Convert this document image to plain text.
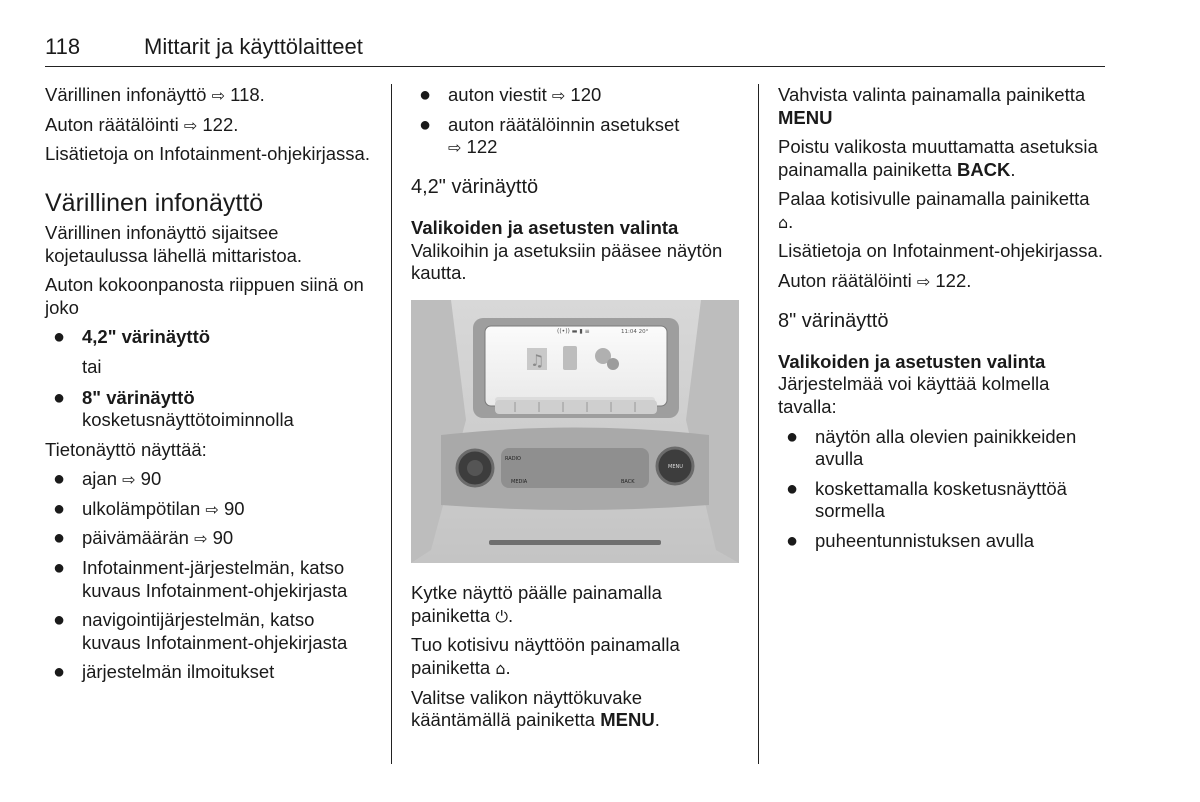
118	Mittarit ja käyttölaitteet

Värillinen infonäyttö ⇨ 118.

Auton räätälöinti ⇨ 122.

Lisätietoja on Infotainment-ohjekirjassa.

Värillinen infonäyttö

Värillinen infonäyttö sijaitsee kojetaulussa lähellä mittaristoa.

Auton kokoonpanosta riippuen siinä on joko

● 4,2" värinäyttö
tai
● 8" värinäyttö kosketusnäyttötoiminnolla

Tietonäyttö näyttää:

● ajan ⇨ 90
● ulkolämpötilan ⇨ 90
● päivämäärän ⇨ 90
● Infotainment-järjestelmän, katso kuvaus Infotainment-ohjekirjasta
● navigointijärjestelmän, katso kuvaus Infotainment-ohjekirjasta
● järjestelmän ilmoitukset
● auton viestit ⇨ 120
● auton räätälöinnin asetukset
⇨ 122
4,2" värinäyttö
Valikoiden ja asetusten valinta

Valikoihin ja asetuksiin pääsee näytön kautta.

((•)) ▬ ▮ ≡	11:04 20°
♫
RADIO
MEDIA	BACK
MENU

Kytke näyttö päälle painamalla painiketta ⏻.

Tuo kotisivu näyttöön painamalla painiketta ⌂.

Valitse valikon näyttökuvake kääntämällä painiketta MENU.

Vahvista valinta painamalla painiketta MENU

Poistu valikosta muuttamatta asetuksia painamalla painiketta BACK.

Palaa kotisivulle painamalla painiketta ⌂.

Lisätietoja on Infotainment-ohjekirjassa.

Auton räätälöinti ⇨ 122.

8" värinäyttö
Valikoiden ja asetusten valinta

Järjestelmää voi käyttää kolmella tavalla:

● näytön alla olevien painikkeiden avulla
● koskettamalla kosketusnäyttöä sormella
● puheentunnistuksen avulla
